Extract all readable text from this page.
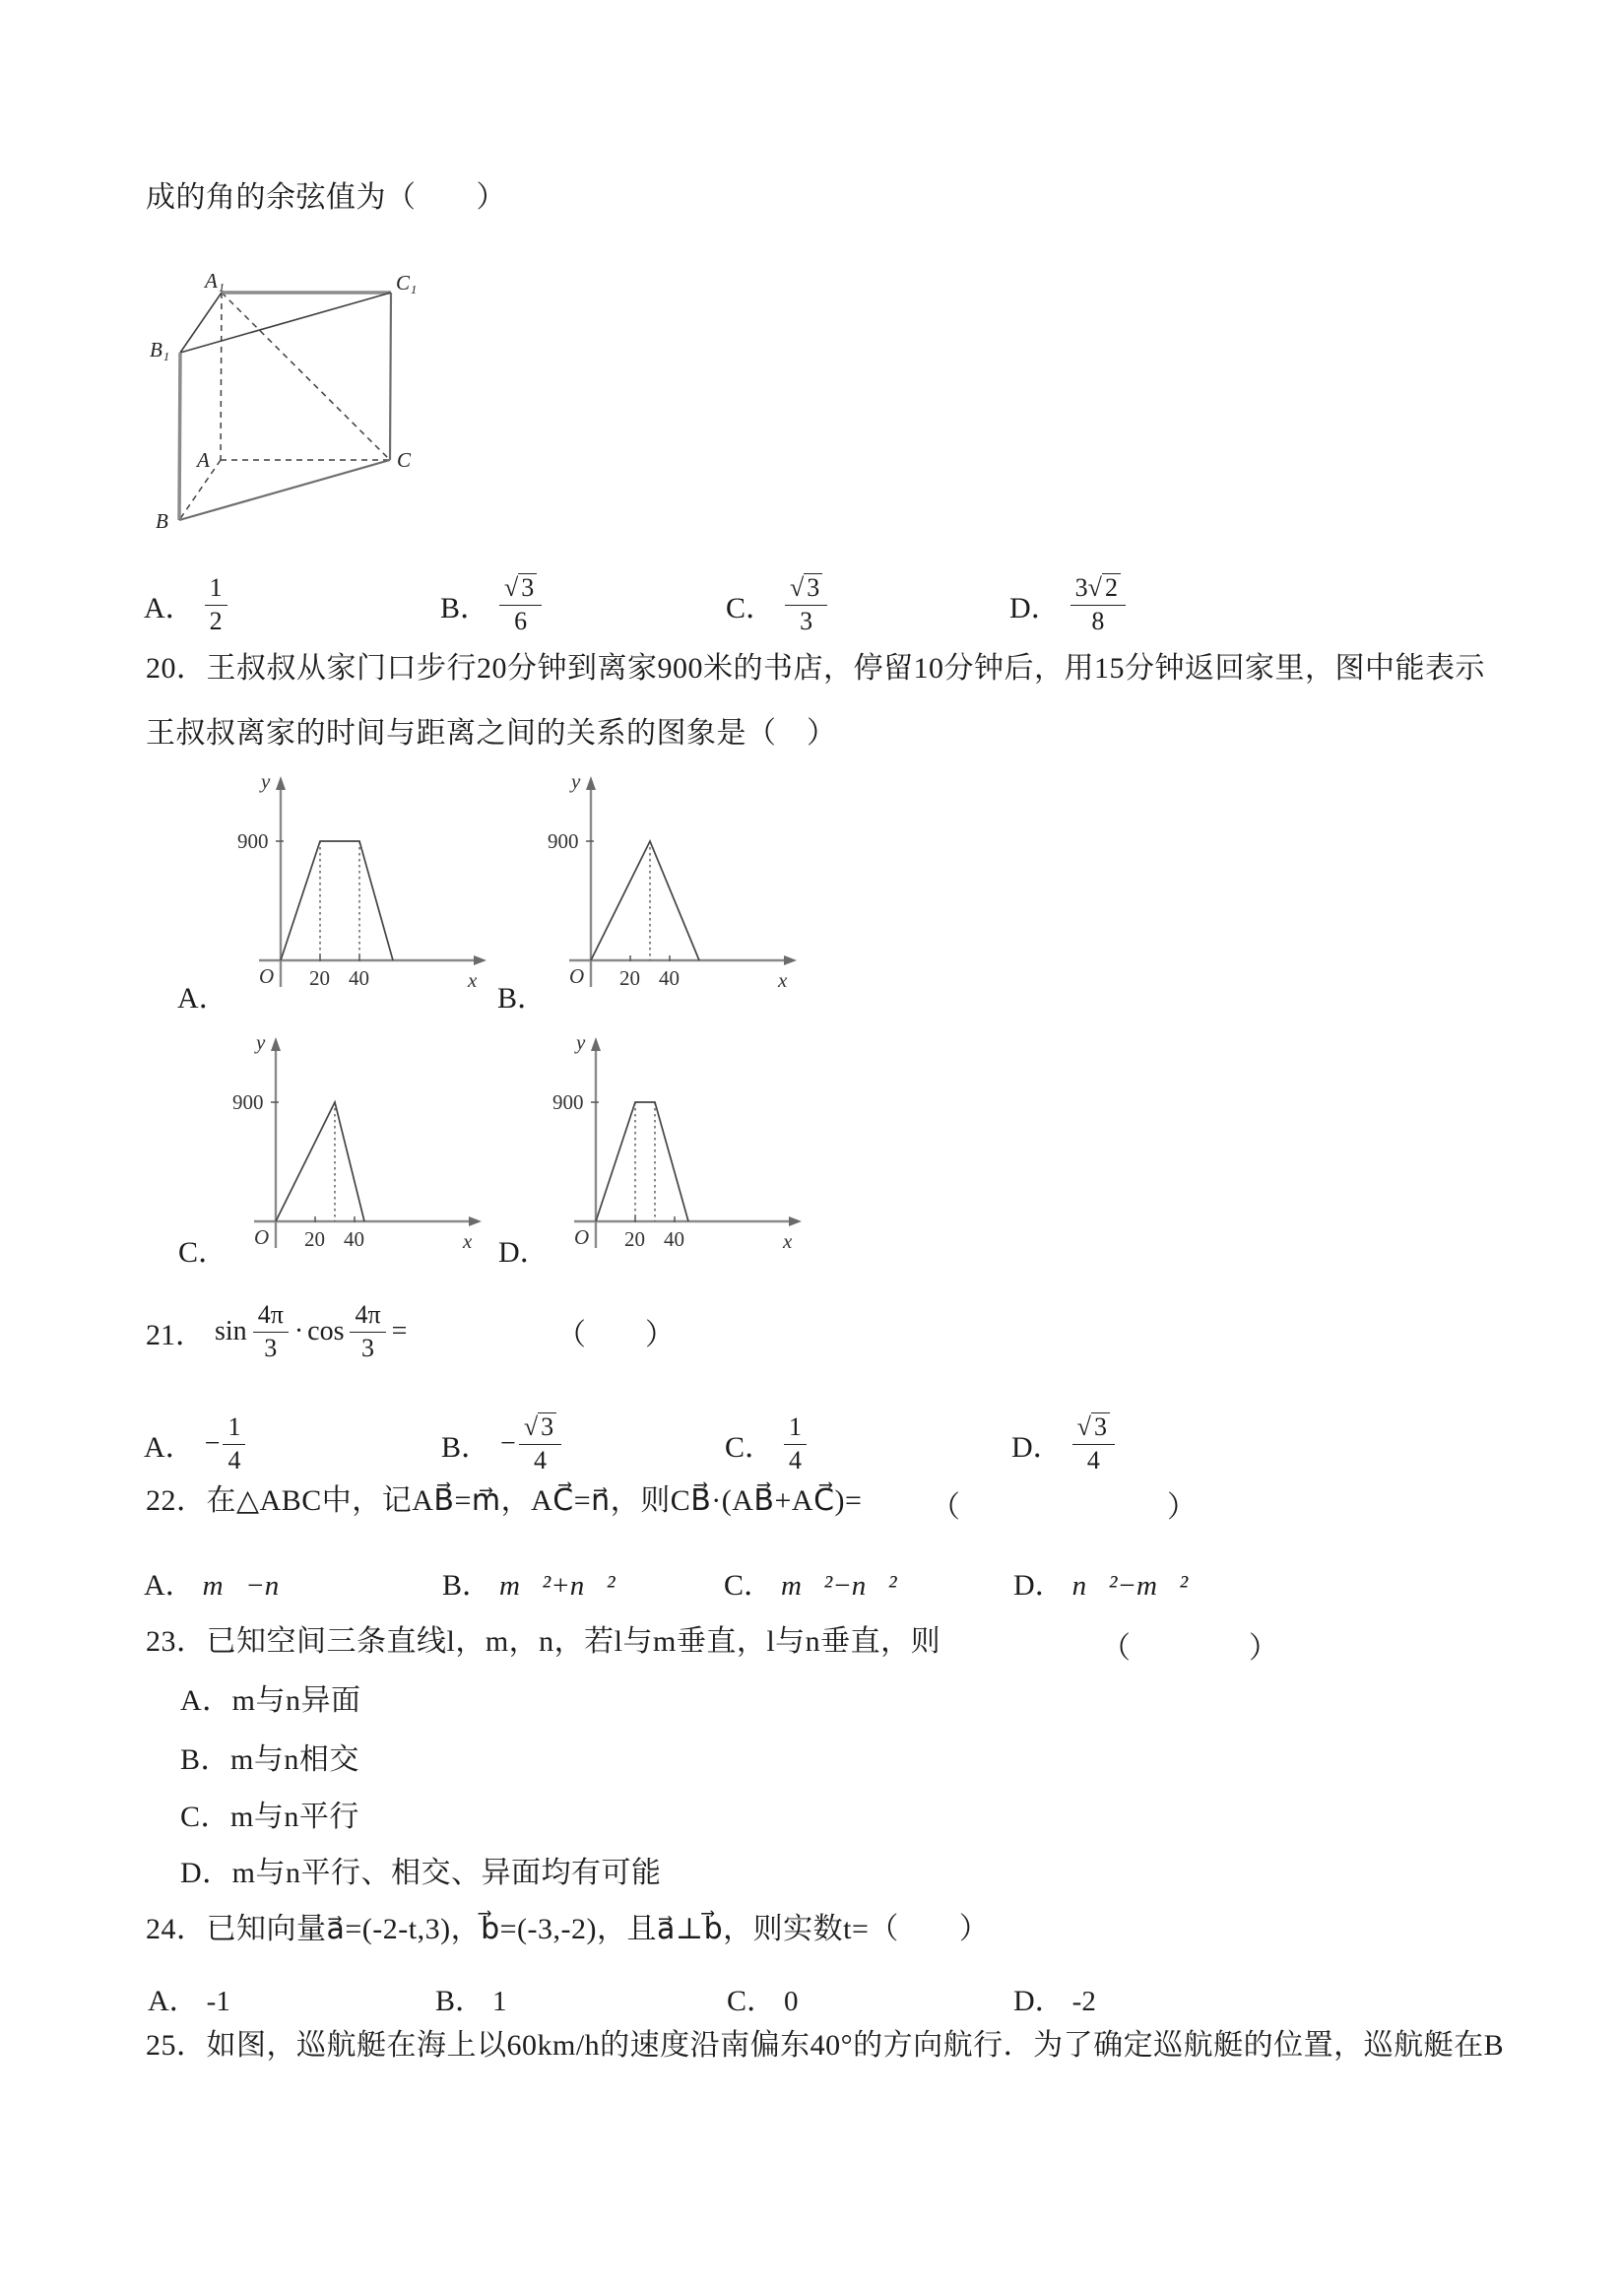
成的角的余弦值为（　　）
A₁	C₁
B₁
A	C
B
A． $\frac{1}{2}$	B． $\frac{√ 3}{6}$	C． $\frac{√ 3}{3}$	D． $\frac{3 √ 2}{8}$
20．王叔叔从家门口步行20分钟到离家900米的书店，停留10分钟后，用15分钟返回家里，图中能表示
王叔叔离家的时间与距离之间的关系的图象是（　）
y
O	x
900
20 40
A．
y
O	x
900
20 40
B．
y
O	x
900
20 40
C．
y
O	x
900
20 40
D．
21． $\sin \frac{4\pi}{3} \cdot \cos \frac{4\pi}{3}$ =	（　　）
A． − $\frac{1}{4}$	B． − $\frac{√ 3}{4}$	C． $\frac{1}{4}$	D． $\frac{√ 3}{4}$
22．在△ABC中，记AB⃗=m⃗，AC⃗=n⃗，则CB⃗·(AB⃗+AC⃗)= （　　　　　　　）
A． m⃗−n⃗	B． m⃗²+n⃗²	C． m⃗²−n⃗²	D． n⃗²−m⃗²
23．已知空间三条直线l，m，n，若l与m垂直，l与n垂直，则	（　　　　）
A．m与n异面
B．m与n相交
C．m与n平行
D．m与n平行、相交、异面均有可能
24．已知向量a⃗=(-2-t,3)，b⃗=(-3,-2)，且a⃗⊥b⃗，则实数t=（　　）
A． -1	B． 1	C． 0	D． -2
25．如图，巡航艇在海上以60km/h的速度沿南偏东40°的方向航行．为了确定巡航艇的位置，巡航艇在B
